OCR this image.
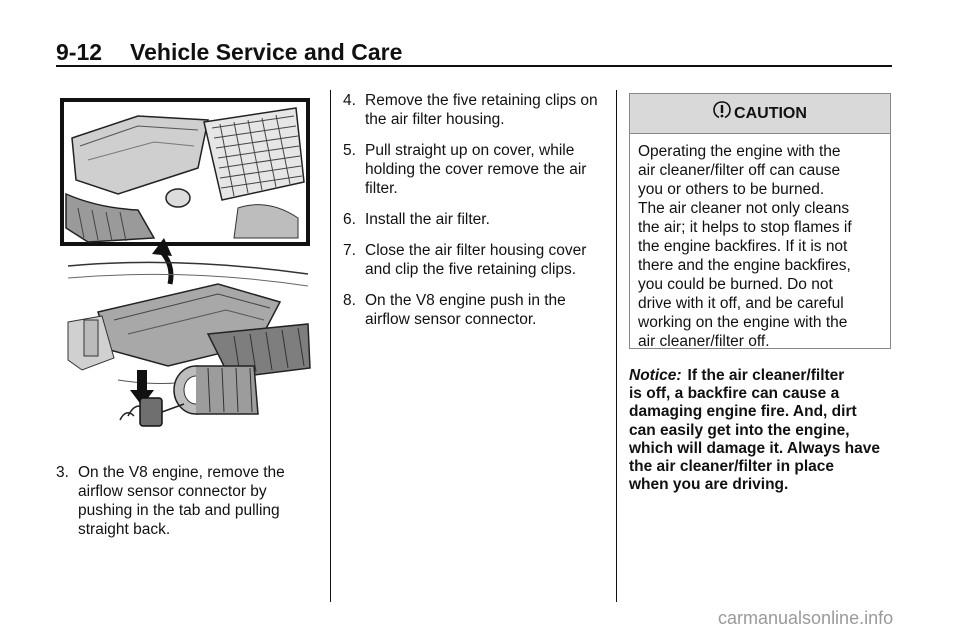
9-12 Vehicle Service and Care
3. On the V8 engine, remove the airflow sensor connector by pushing in the tab and pulling straight back.
4. Remove the five retaining clips on the air filter housing.
5. Pull straight up on cover, while holding the cover remove the air filter.
6. Install the air filter.
7. Close the air filter housing cover and clip the five retaining clips.
8. On the V8 engine push in the airflow sensor connector.
CAUTION
Operating the engine with the
air cleaner/filter off can cause
you or others to be burned.
The air cleaner not only cleans
the air; it helps to stop flames if
the engine backfires. If it is not
there and the engine backfires,
you could be burned. Do not
drive with it off, and be careful
working on the engine with the
air cleaner/filter off.
Notice: If the air cleaner/filter
is off, a backfire can cause a
damaging engine fire. And, dirt
can easily get into the engine,
which will damage it. Always have
the air cleaner/filter in place
when you are driving.
carmanualsonline.info
